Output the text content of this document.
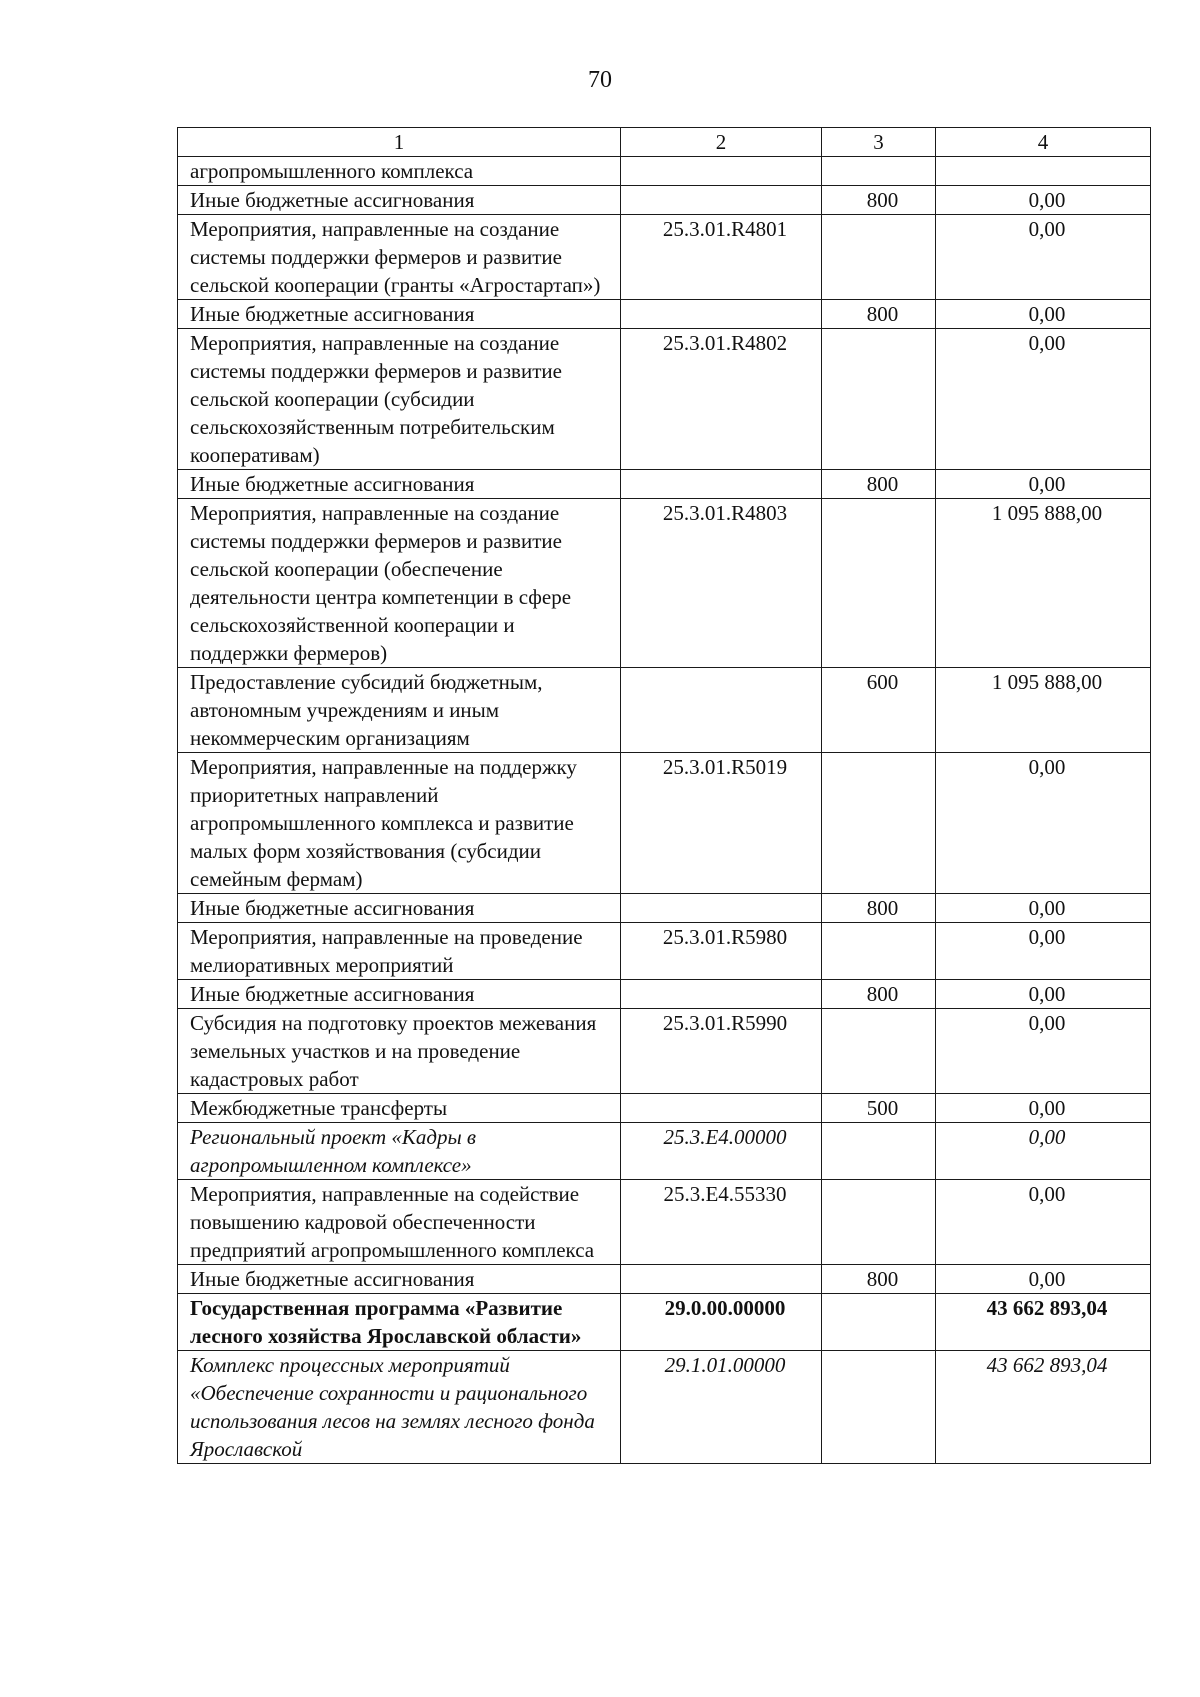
70
1	2	3	4
агропромышленного комплекса			
Иные бюджетные ассигнования		800	0,00
Мероприятия, направленные на создание системы поддержки фермеров и развитие сельской кооперации (гранты «Агростартап»)	25.3.01.R4801		0,00
Иные бюджетные ассигнования		800	0,00
Мероприятия, направленные на создание системы поддержки фермеров и развитие сельской кооперации (субсидии сельскохозяйственным потребительским кооперативам)	25.3.01.R4802		0,00
Иные бюджетные ассигнования		800	0,00
Мероприятия, направленные на создание системы поддержки фермеров и развитие сельской кооперации (обеспечение деятельности центра компетенции в сфере сельскохозяйственной кооперации и поддержки фермеров)	25.3.01.R4803		1 095 888,00
Предоставление субсидий бюджетным, автономным учреждениям и иным некоммерческим организациям		600	1 095 888,00
Мероприятия, направленные на поддержку приоритетных направлений агропромышленного комплекса и развитие малых форм хозяйствования (субсидии семейным фермам)	25.3.01.R5019		0,00
Иные бюджетные ассигнования		800	0,00
Мероприятия, направленные на проведение мелиоративных мероприятий	25.3.01.R5980		0,00
Иные бюджетные ассигнования		800	0,00
Субсидия на подготовку проектов межевания земельных участков и на проведение кадастровых работ	25.3.01.R5990		0,00
Межбюджетные трансферты		500	0,00
Региональный проект «Кадры в агропромышленном комплексе»	25.3.E4.00000		0,00
Мероприятия, направленные на содействие повышению кадровой обеспеченности предприятий агропромышленного комплекса	25.3.E4.55330		0,00
Иные бюджетные ассигнования		800	0,00
Государственная программа «Развитие лесного хозяйства Ярославской области»	29.0.00.00000		43 662 893,04
Комплекс процессных мероприятий «Обеспечение сохранности и рационального использования лесов на землях лесного фонда Ярославской	29.1.01.00000		43 662 893,04
